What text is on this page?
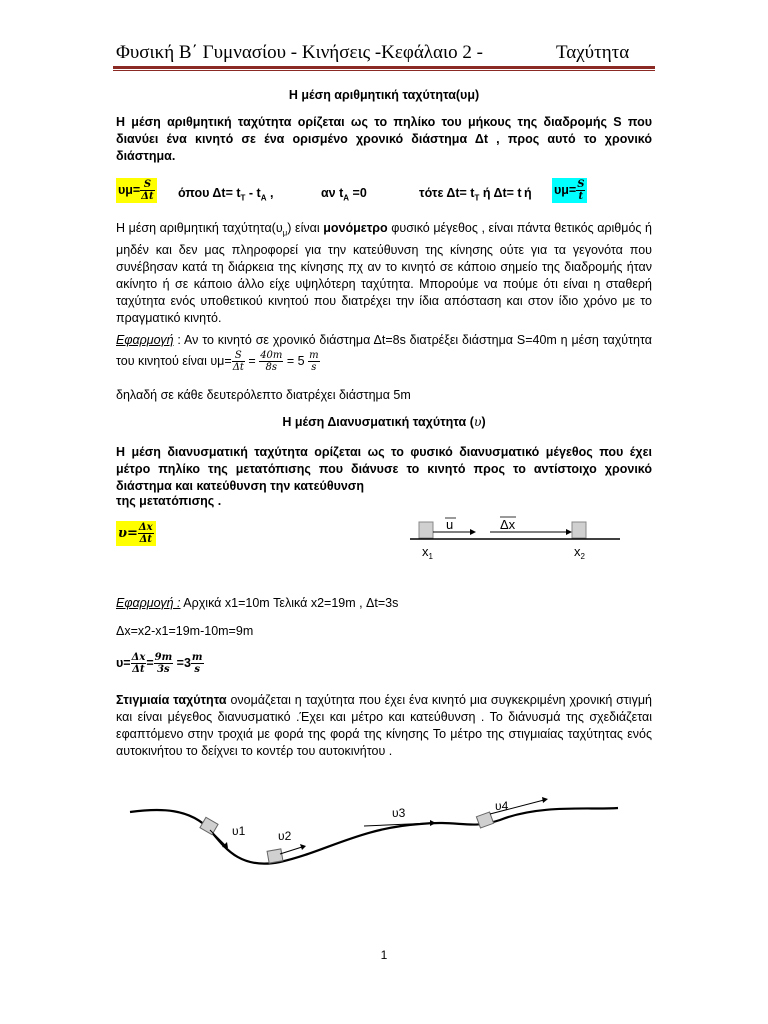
Φυσική Β΄ Γυμνασίου - Κινήσεις -Κεφάλαιο 2 -	Ταχύτητα
Η μέση αριθμητική ταχύτητα(υμ)
Η μέση αριθμητική ταχύτητα ορίζεται ως το πηλίκο του μήκους της διαδρομής S που διανύει ένα κινητό σε ένα ορισμένο χρονικό διάστημα Δt , προς αυτό το χρονικό διάστημα.
$\upsilon\mu= \frac{S}{\Delta t}$ όπου $\Delta t= t_T - t_A$ ,	αν $t_A =0$	τότε $\Delta t= t_T$ ή Δt= t ή $\upsilon\mu= \frac{S}{t}$
Η μέση αριθμητική $\tau\alpha\chi ύ\tau\eta\tau\alpha(\upsilon_\mu)$ είναι μονόμετρο φυσικό μέγεθος , είναι πάντα θετικός αριθμός ή μηδέν και δεν μας πληροφορεί για την κατεύθυνση της κίνησης ούτε για τα γεγονότα που συνέβησαν κατά τη διάρκεια της κίνησης πχ αν το κινητό σε κάποιο σημείο της διαδρομής ήταν ακίνητο ή σε κάποιο άλλο είχε υψηλότερη ταχύτητα. Μπορούμε να πούμε ότι είναι η σταθερή ταχύτητα ενός υποθετικού κινητού που διατρέχει την ίδια απόσταση και στον ίδιο χρόνο με το πραγματικό κινητό.
Εφαρμογή : Αν το κινητό σε χρονικό διάστημα Δt=8s διατρέξει διάστημα S=40m η μέση ταχύτητα του κινητού είναι $\upsilon\mu= \frac{S}{\Delta t} = \frac{40m}{8s} = 5 \frac{m}{s}$
δηλαδή σε κάθε δευτερόλεπτο διατρέχει διάστημα 5m
Η μέση Διανυσματική ταχύτητα (υ)
Η μέση διανυσματική ταχύτητα ορίζεται ως το φυσικό διανυσματικό μέγεθος που έχει μέτρο πηλίκο της μετατόπισης που διάνυσε το κινητό προς το αντίστοιχο χρονικό διάστημα και κατεύθυνση την κατεύθυνση
της μετατόπισης .
$\upsilon= \frac{\Delta x}{\Delta t}$	u	Δx
$x_1$	$x_2$
Εφαρμογή : Αρχικά x1=10m Τελικά x2=19m , Δt=3s
Δx=x2-x1=19m-10m=9m
$\upsilon= \frac{\Delta x}{\Delta t} = \frac{9m}{3s} =3 \frac{m}{s}$
Στιγμιαία ταχύτητα ονομάζεται η ταχύτητα που έχει ένα κινητό μια συγκεκριμένη χρονική στιγμή και είναι μέγεθος διανυσματικό .Έχει και μέτρο και κατεύθυνση . Το διάνυσμά της σχεδιάζεται εφαπτόμενο στην τροχιά με φορά της φορά της κίνησης Το μέτρο της στιγμιαίας ταχύτητας ενός αυτοκινήτου το δείχνει το κοντέρ του αυτοκινήτου .
υ1	υ2
υ3	υ4
1
